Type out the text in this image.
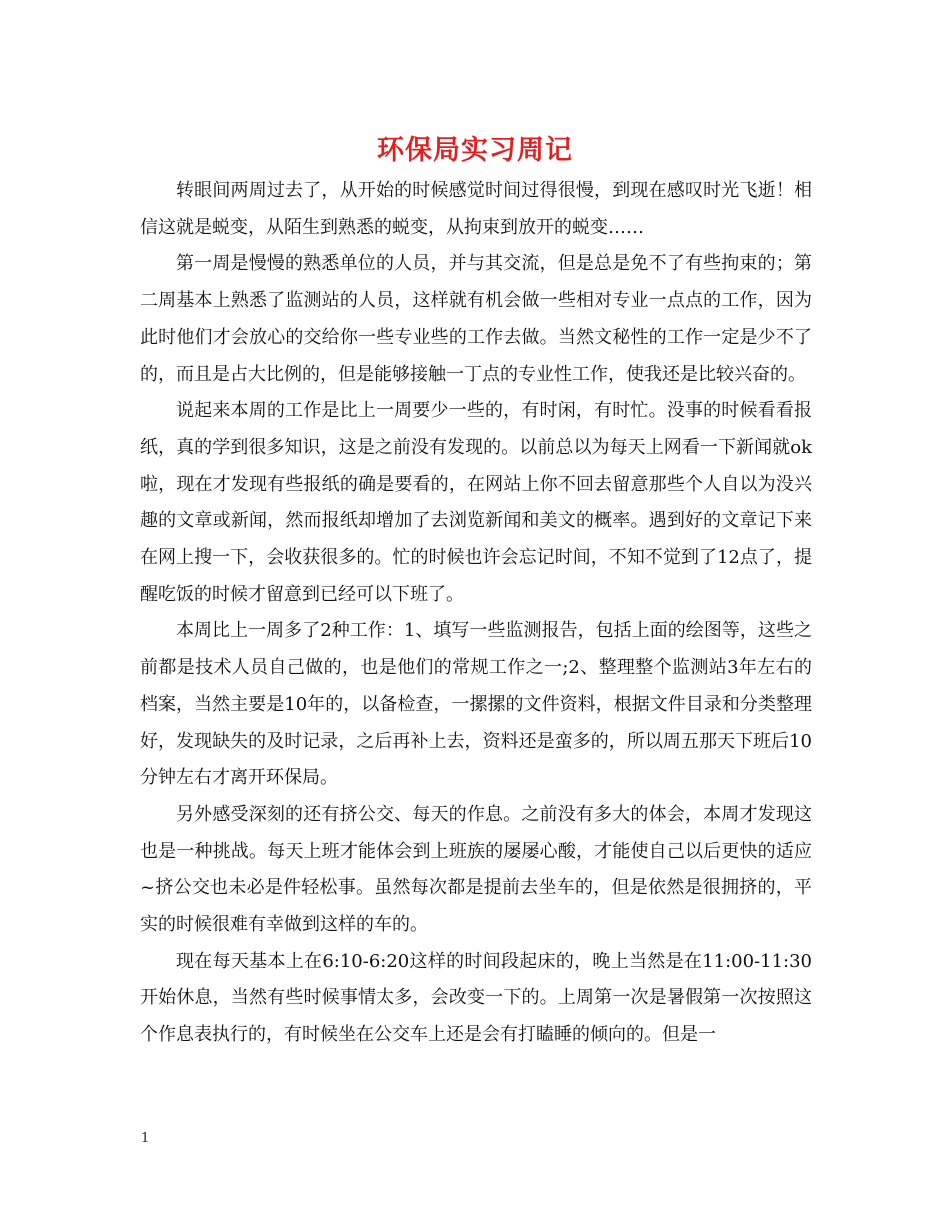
环保局实习周记

转眼间两周过去了，从开始的时候感觉时间过得很慢，到现在感叹时光飞逝！相信这就是蜕变，从陌生到熟悉的蜕变，从拘束到放开的蜕变……

第一周是慢慢的熟悉单位的人员，并与其交流，但是总是免不了有些拘束的；第二周基本上熟悉了监测站的人员，这样就有机会做一些相对专业一点点的工作，因为此时他们才会放心的交给你一些专业些的工作去做。当然文秘性的工作一定是少不了的，而且是占大比例的，但是能够接触一丁点的专业性工作，使我还是比较兴奋的。

说起来本周的工作是比上一周要少一些的，有时闲，有时忙。没事的时候看看报纸，真的学到很多知识，这是之前没有发现的。以前总以为每天上网看一下新闻就ok啦，现在才发现有些报纸的确是要看的，在网站上你不回去留意那些个人自以为没兴趣的文章或新闻，然而报纸却增加了去浏览新闻和美文的概率。遇到好的文章记下来在网上搜一下，会收获很多的。忙的时候也许会忘记时间，不知不觉到了12点了，提醒吃饭的时候才留意到已经可以下班了。

本周比上一周多了2种工作：1、填写一些监测报告，包括上面的绘图等，这些之前都是技术人员自己做的，也是他们的常规工作之一;2、整理整个监测站3年左右的档案，当然主要是10年的，以备检查，一摞摞的文件资料，根据文件目录和分类整理好，发现缺失的及时记录，之后再补上去，资料还是蛮多的，所以周五那天下班后10分钟左右才离开环保局。

另外感受深刻的还有挤公交、每天的作息。之前没有多大的体会，本周才发现这也是一种挑战。每天上班才能体会到上班族的屡屡心酸，才能使自己以后更快的适应~挤公交也未必是件轻松事。虽然每次都是提前去坐车的，但是依然是很拥挤的，平实的时候很难有幸做到这样的车的。

现在每天基本上在6:10-6:20这样的时间段起床的，晚上当然是在11:00-11:30开始休息，当然有些时候事情太多，会改变一下的。上周第一次是暑假第一次按照这个作息表执行的，有时候坐在公交车上还是会有打瞌睡的倾向的。但是一

1
